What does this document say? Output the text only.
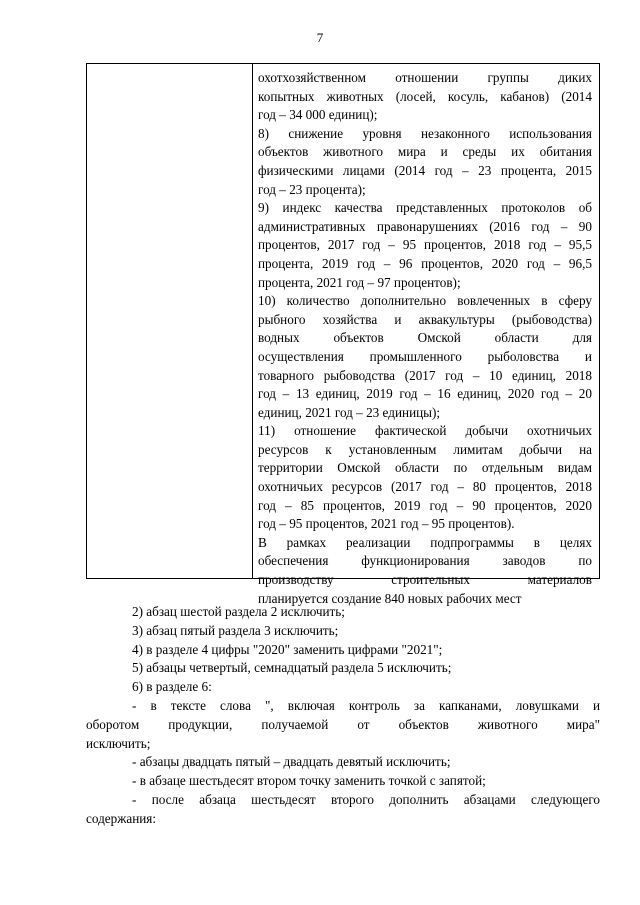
7
охотхозяйственном отношении группы диких
копытных животных (лосей, косуль, кабанов) (2014
год – 34 000 единиц);
8) снижение уровня незаконного использования
объектов животного мира и среды их обитания
физическими лицами (2014 год – 23 процента, 2015
год – 23 процента);
9) индекс качества представленных протоколов об
административных правонарушениях (2016 год – 90
процентов, 2017 год – 95 процентов, 2018 год – 95,5
процента, 2019 год – 96 процентов, 2020 год – 96,5
процента, 2021 год – 97 процентов);
10) количество дополнительно вовлеченных в сферу
рыбного хозяйства и аквакультуры (рыбоводства)
водных объектов Омской области для
осуществления промышленного рыболовства и
товарного рыбоводства (2017 год – 10 единиц, 2018
год – 13 единиц, 2019 год – 16 единиц, 2020 год – 20
единиц, 2021 год – 23 единицы);
11) отношение фактической добычи охотничьих
ресурсов к установленным лимитам добычи на
территории Омской области по отдельным видам
охотничьих ресурсов (2017 год – 80 процентов, 2018
год – 85 процентов, 2019 год – 90 процентов, 2020
год – 95 процентов, 2021 год – 95 процентов).
В рамках реализации подпрограммы в целях
обеспечения функционирования заводов по
производству строительных материалов
планируется создание 840 новых рабочих мест
2) абзац шестой раздела 2 исключить;
3) абзац пятый раздела 3 исключить;
4) в разделе 4 цифры "2020" заменить цифрами "2021";
5) абзацы четвертый, семнадцатый раздела 5 исключить;
6) в разделе 6:
- в тексте слова ", включая контроль за капканами, ловушками и
оборотом продукции, получаемой от объектов животного мира"
исключить;
- абзацы двадцать пятый – двадцать девятый исключить;
- в абзаце шестьдесят втором точку заменить точкой с запятой;
- после абзаца шестьдесят второго дополнить абзацами следующего
содержания:
